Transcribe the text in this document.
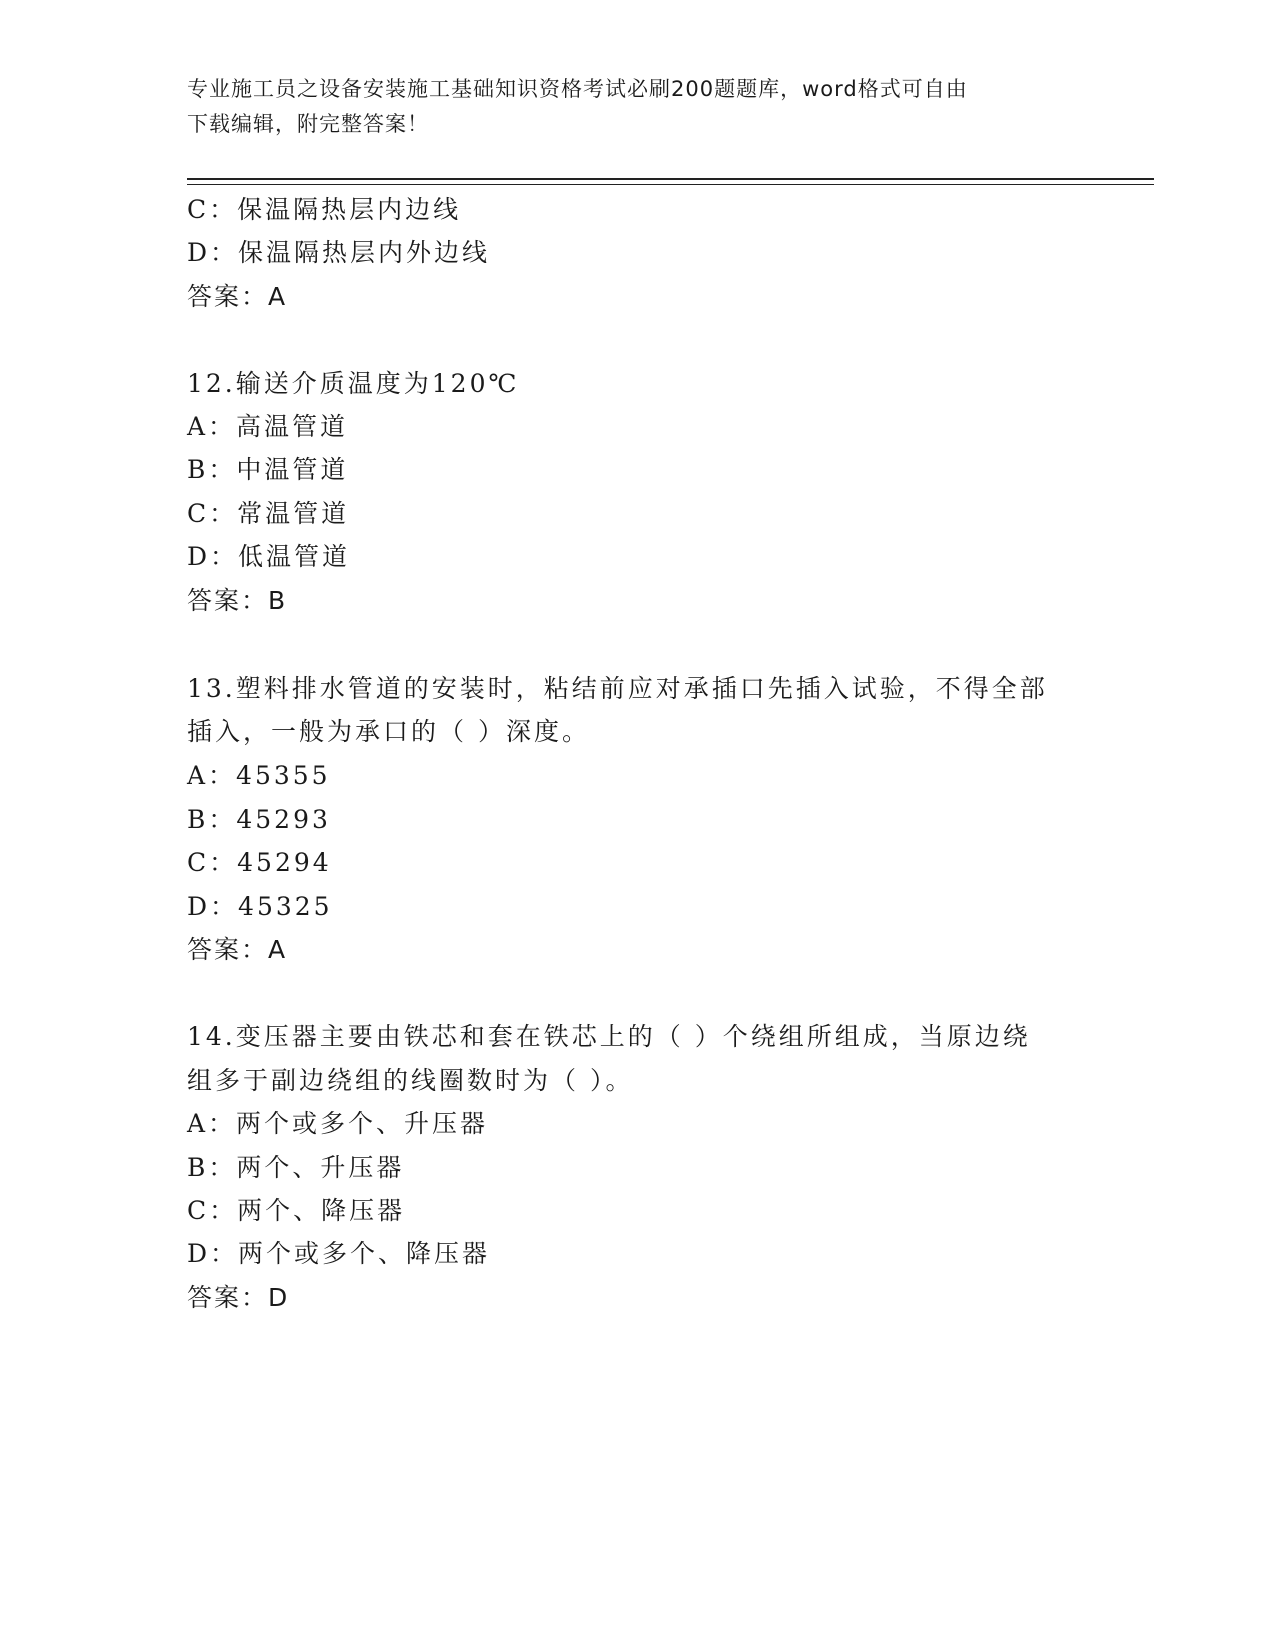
专业施工员之设备安装施工基础知识资格考试必刷200题题库，word格式可自由
下载编辑，附完整答案！
C：保温隔热层内边线
D：保温隔热层内外边线
答案：A
12.输送介质温度为120℃
A：高温管道
B：中温管道
C：常温管道
D：低温管道
答案：B
13.塑料排水管道的安装时，粘结前应对承插口先插入试验，不得全部
插入，一般为承口的（ ）深度。
A：45355
B：45293
C：45294
D：45325
答案：A
14.变压器主要由铁芯和套在铁芯上的（ ）个绕组所组成，当原边绕
组多于副边绕组的线圈数时为（ ）。
A：两个或多个、升压器
B：两个、升压器
C：两个、降压器
D：两个或多个、降压器
答案：D
